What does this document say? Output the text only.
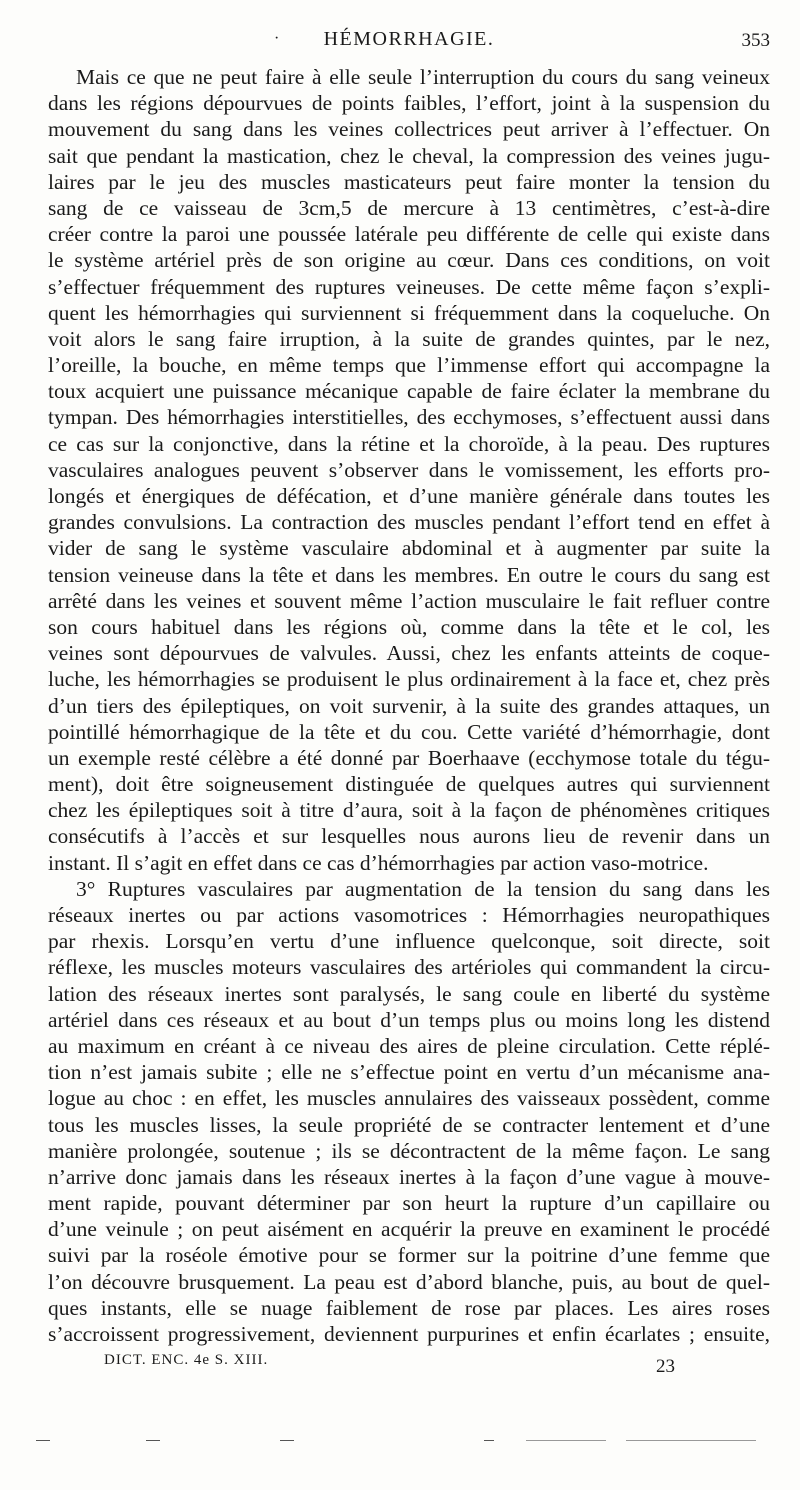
·	HÉMORRHAGIE.	353
Mais ce que ne peut faire à elle seule l’interruption du cours du sang veineux
dans les régions dépourvues de points faibles, l’effort, joint à la suspension du
mouvement du sang dans les veines collectrices peut arriver à l’effectuer. On
sait que pendant la mastication, chez le cheval, la compression des veines jugu-
laires par le jeu des muscles masticateurs peut faire monter la tension du
sang de ce vaisseau de 3cm,5 de mercure à 13 centimètres, c’est-à-dire
créer contre la paroi une poussée latérale peu différente de celle qui existe dans
le système artériel près de son origine au cœur. Dans ces conditions, on voit
s’effectuer fréquemment des ruptures veineuses. De cette même façon s’expli-
quent les hémorrhagies qui surviennent si fréquemment dans la coqueluche. On
voit alors le sang faire irruption, à la suite de grandes quintes, par le nez,
l’oreille, la bouche, en même temps que l’immense effort qui accompagne la
toux acquiert une puissance mécanique capable de faire éclater la membrane du
tympan. Des hémorrhagies interstitielles, des ecchymoses, s’effectuent aussi dans
ce cas sur la conjonctive, dans la rétine et la choroïde, à la peau. Des ruptures
vasculaires analogues peuvent s’observer dans le vomissement, les efforts pro-
longés et énergiques de défécation, et d’une manière générale dans toutes les
grandes convulsions. La contraction des muscles pendant l’effort tend en effet à
vider de sang le système vasculaire abdominal et à augmenter par suite la
tension veineuse dans la tête et dans les membres. En outre le cours du sang est
arrêté dans les veines et souvent même l’action musculaire le fait refluer contre
son cours habituel dans les régions où, comme dans la tête et le col, les
veines sont dépourvues de valvules. Aussi, chez les enfants atteints de coque-
luche, les hémorrhagies se produisent le plus ordinairement à la face et, chez près
d’un tiers des épileptiques, on voit survenir, à la suite des grandes attaques, un
pointillé hémorrhagique de la tête et du cou. Cette variété d’hémorrhagie, dont
un exemple resté célèbre a été donné par Boerhaave (ecchymose totale du tégu-
ment), doit être soigneusement distinguée de quelques autres qui surviennent
chez les épileptiques soit à titre d’aura, soit à la façon de phénomènes critiques
consécutifs à l’accès et sur lesquelles nous aurons lieu de revenir dans un
instant. Il s’agit en effet dans ce cas d’hémorrhagies par action vaso-motrice.
3° Ruptures vasculaires par augmentation de la tension du sang dans les
réseaux inertes ou par actions vasomotrices : Hémorrhagies neuropathiques
par rhexis. Lorsqu’en vertu d’une influence quelconque, soit directe, soit
réflexe, les muscles moteurs vasculaires des artérioles qui commandent la circu-
lation des réseaux inertes sont paralysés, le sang coule en liberté du système
artériel dans ces réseaux et au bout d’un temps plus ou moins long les distend
au maximum en créant à ce niveau des aires de pleine circulation. Cette réplé-
tion n’est jamais subite ; elle ne s’effectue point en vertu d’un mécanisme ana-
logue au choc : en effet, les muscles annulaires des vaisseaux possèdent, comme
tous les muscles lisses, la seule propriété de se contracter lentement et d’une
manière prolongée, soutenue ; ils se décontractent de la même façon. Le sang
n’arrive donc jamais dans les réseaux inertes à la façon d’une vague à mouve-
ment rapide, pouvant déterminer par son heurt la rupture d’un capillaire ou
d’une veinule ; on peut aisément en acquérir la preuve en examinent le procédé
suivi par la roséole émotive pour se former sur la poitrine d’une femme que
l’on découvre brusquement. La peau est d’abord blanche, puis, au bout de quel-
ques instants, elle se nuage faiblement de rose par places. Les aires roses
s’accroissent progressivement, deviennent purpurines et enfin écarlates ; ensuite,
DICT. ENC. 4e S. XIII.	23
